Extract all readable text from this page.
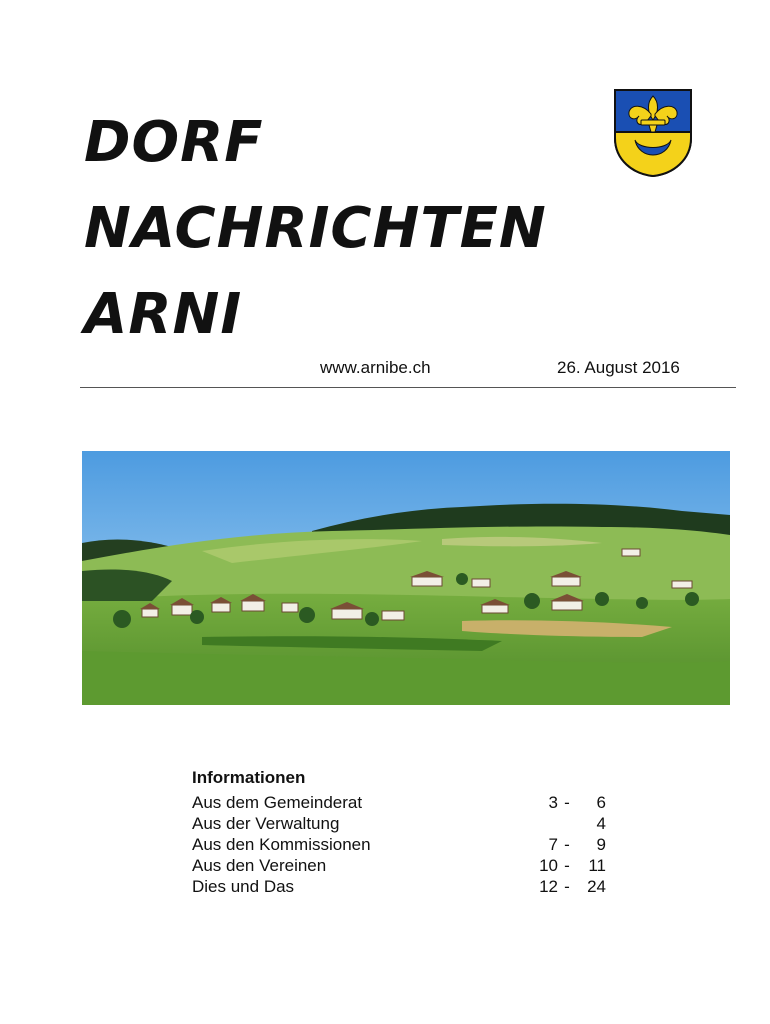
DORF
NACHRICHTEN
ARNI
www.arnibe.ch	26. August 2016
Informationen
Aus dem Gemeinderat	3 -	6
Aus der Verwaltung	4
Aus den Kommissionen	7 -	9
Aus den Vereinen	10 -	11
Dies und Das	12 -	24
